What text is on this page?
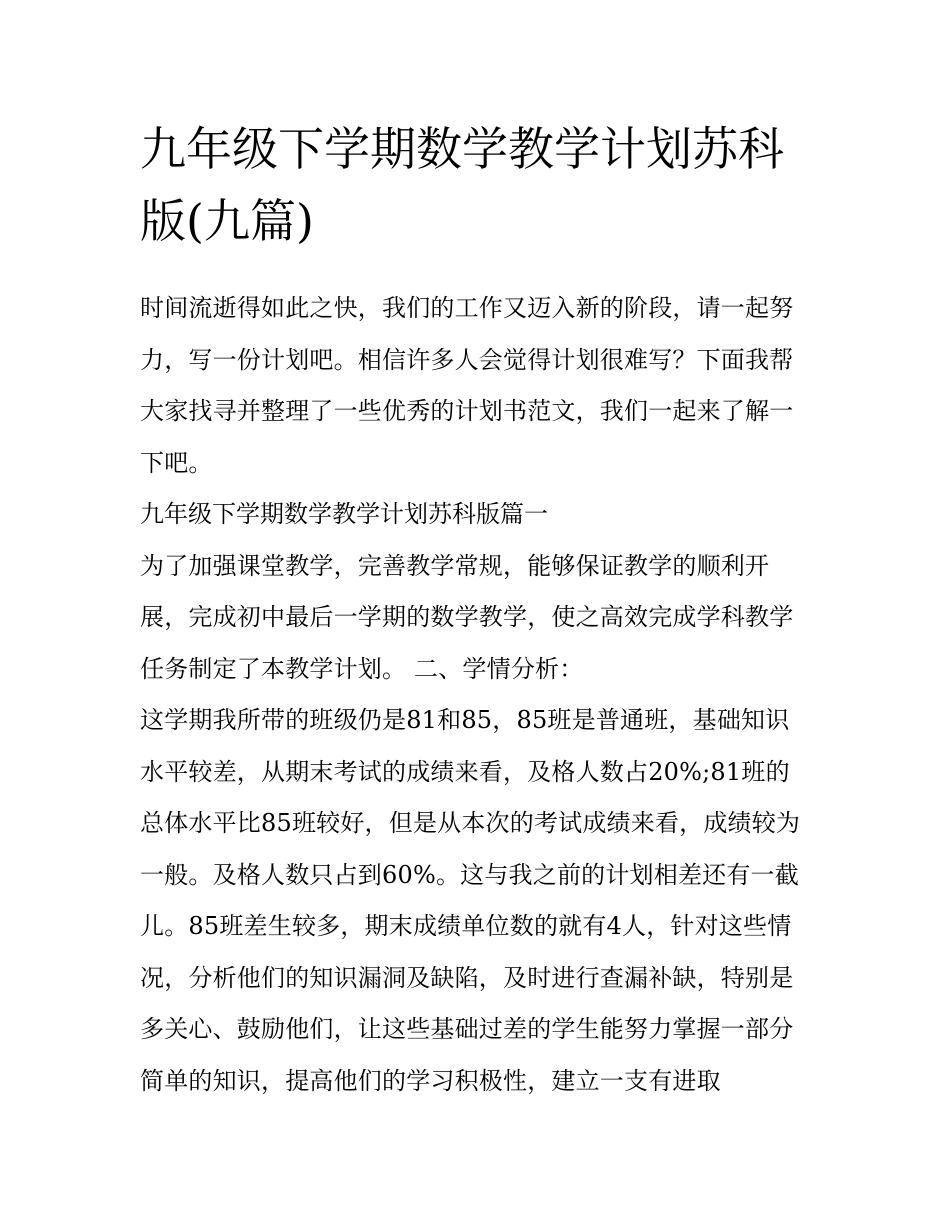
九年级下学期数学教学计划苏科版(九篇)

时间流逝得如此之快，我们的工作又迈入新的阶段，请一起努力，写一份计划吧。相信许多人会觉得计划很难写？下面我帮大家找寻并整理了一些优秀的计划书范文，我们一起来了解一下吧。

九年级下学期数学教学计划苏科版篇一

为了加强课堂教学，完善教学常规，能够保证教学的顺利开展，完成初中最后一学期的数学教学，使之高效完成学科教学任务制定了本教学计划。 二、学情分析：

这学期我所带的班级仍是81和85，85班是普通班，基础知识水平较差，从期末考试的成绩来看，及格人数占20%;81班的总体水平比85班较好，但是从本次的考试成绩来看，成绩较为一般。及格人数只占到60%。这与我之前的计划相差还有一截儿。85班差生较多，期末成绩单位数的就有4人，针对这些情况，分析他们的知识漏洞及缺陷，及时进行查漏补缺，特别是多关心、鼓励他们，让这些基础过差的学生能努力掌握一部分简单的知识，提高他们的学习积极性，建立一支有进取
